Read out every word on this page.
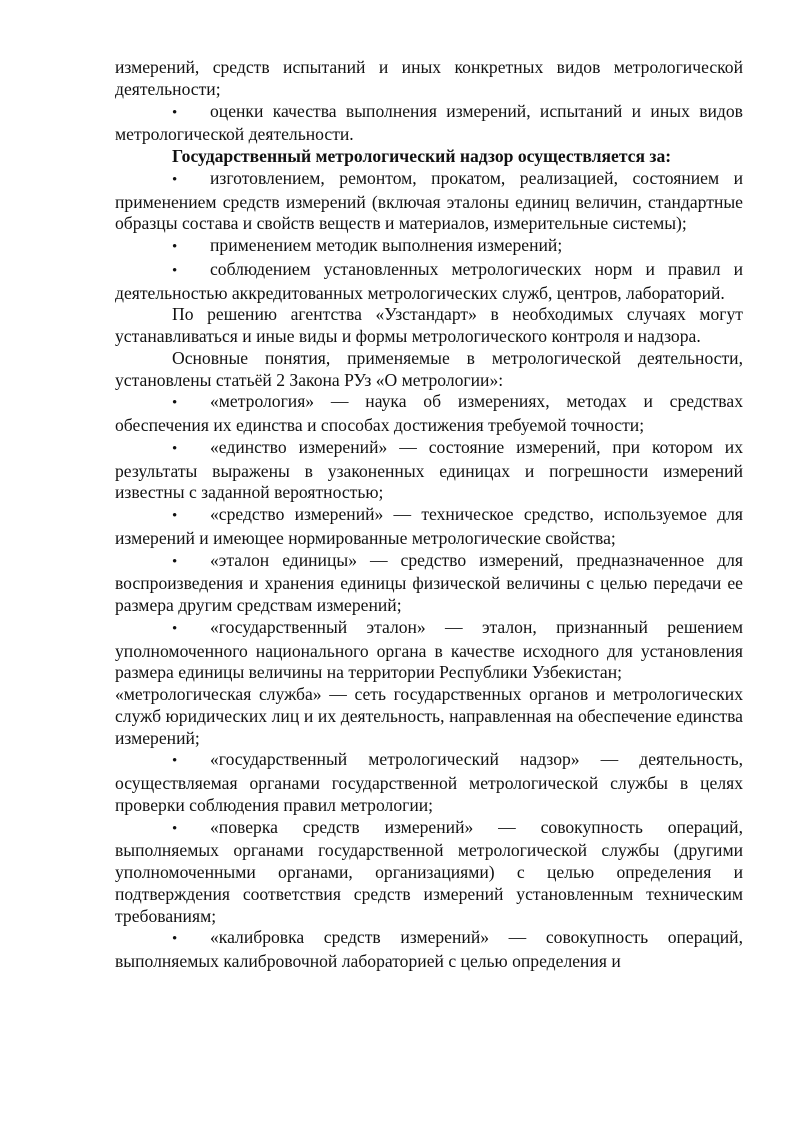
измерений, средств испытаний и иных конкретных видов метрологической деятельности;

• оценки качества выполнения измерений, испытаний и иных видов метрологической деятельности.

Государственный метрологический надзор осуществляется за:

• изготовлением, ремонтом, прокатом, реализацией, состоянием и применением средств измерений (включая эталоны единиц величин, стандартные образцы состава и свойств веществ и материалов, измерительные системы);

• применением методик выполнения измерений;

• соблюдением установленных метрологических норм и правил и деятельностью аккредитованных метрологических служб, центров, лабораторий.

По решению агентства «Узстандарт» в необходимых случаях могут устанавливаться и иные виды и формы метрологического контроля и надзора.

Основные понятия, применяемые в метрологической деятельности, установлены статьёй 2 Закона РУз «О метрологии»:

• «метрология» — наука об измерениях, методах и средствах обеспечения их единства и способах достижения требуемой точности;

• «единство измерений» — состояние измерений, при котором их результаты выражены в узаконенных единицах и погрешности измерений известны с заданной вероятностью;

• «средство измерений» — техническое средство, используемое для измерений и имеющее нормированные метрологические свойства;

• «эталон единицы» — средство измерений, предназначенное для воспроизведения и хранения единицы физической величины с целью передачи ее размера другим средствам измерений;

• «государственный эталон» — эталон, признанный решением уполномоченного национального органа в качестве исходного для установления размера единицы величины на территории Республики Узбекистан;

«метрологическая служба» — сеть государственных органов и метрологических служб юридических лиц и их деятельность, направленная на обеспечение единства измерений;

• «государственный метрологический надзор» — деятельность, осуществляемая органами государственной метрологической службы в целях проверки соблюдения правил метрологии;

• «поверка средств измерений» — совокупность операций, выполняемых органами государственной метрологической службы (другими уполномоченными органами, организациями) с целью определения и подтверждения соответствия средств измерений установленным техническим требованиям;

• «калибровка средств измерений» — совокупность операций, выполняемых калибровочной лабораторией с целью определения и
